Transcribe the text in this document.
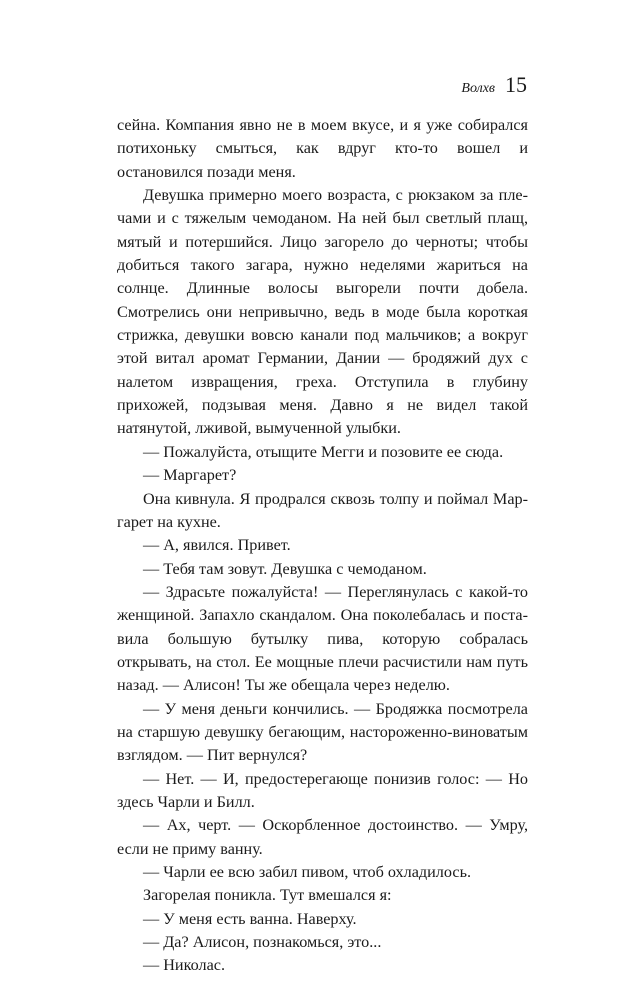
Волхв 15

сейна. Компания явно не в моем вкусе, и я уже собирался потихоньку смыться, как вдруг кто-то вошел и остановился позади меня.

Девушка примерно моего возраста, с рюкзаком за плечами и с тяжелым чемоданом. На ней был светлый плащ, мятый и потершийся. Лицо загорело до черноты; чтобы добиться такого загара, нужно неделями жариться на солнце. Длинные волосы выгорели почти добела. Смотрелись они непривычно, ведь в моде была короткая стрижка, девушки вовсю канали под мальчиков; а вокруг этой витал аромат Германии, Дании — бродяжий дух с налетом извращения, греха. Отступила в глубину прихожей, подзывая меня. Давно я не видел такой натянутой, лживой, вымученной улыбки.

— Пожалуйста, отыщите Мегги и позовите ее сюда.

— Маргарет?

Она кивнула. Я продрался сквозь толпу и поймал Маргарет на кухне.

— А, явился. Привет.

— Тебя там зовут. Девушка с чемоданом.

— Здрасьте пожалуйста! — Переглянулась с какой-то женщиной. Запахло скандалом. Она поколебалась и поставила большую бутылку пива, которую собралась открывать, на стол. Ее мощные плечи расчистили нам путь назад. — Алисон! Ты же обещала через неделю.

— У меня деньги кончились. — Бродяжка посмотрела на старшую девушку бегающим, настороженно-виноватым взглядом. — Пит вернулся?

— Нет. — И, предостерегающе понизив голос: — Но здесь Чарли и Билл.

— Ах, черт. — Оскорбленное достоинство. — Умру, если не приму ванну.

— Чарли ее всю забил пивом, чтоб охладилось.

Загорелая поникла. Тут вмешался я:

— У меня есть ванна. Наверху.

— Да? Алисон, познакомься, это...

— Николас.
